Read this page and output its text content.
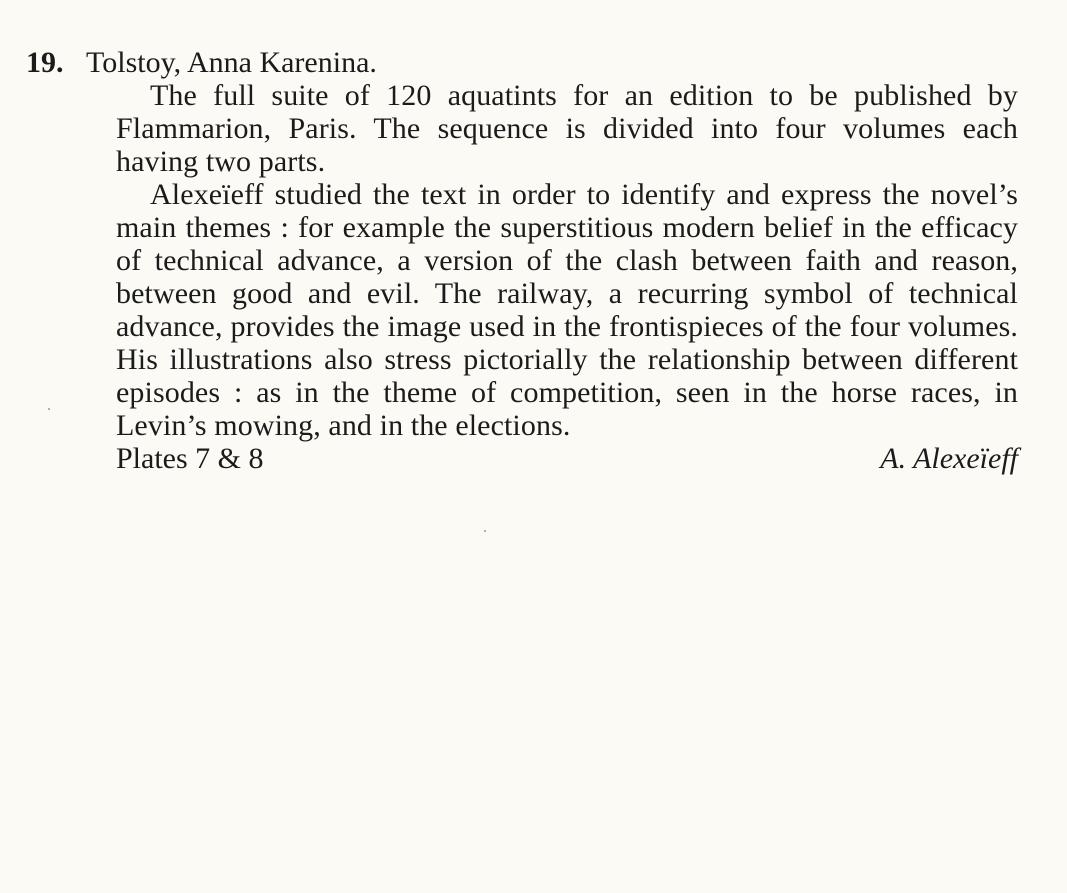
19. Tolstoy, Anna Karenina.

The full suite of 120 aquatints for an edition to be published by Flammarion, Paris. The sequence is divided into four volumes each having two parts.

Alexeïeff studied the text in order to identify and express the novel’s main themes : for example the superstitious modern belief in the efficacy of technical advance, a version of the clash between faith and reason, between good and evil. The railway, a recurring symbol of technical advance, provides the image used in the frontispieces of the four volumes. His illustrations also stress pictorially the relationship between different episodes : as in the theme of competition, seen in the horse races, in Levin’s mowing, and in the elections.

Plates 7 & 8	A. Alexeïeff
